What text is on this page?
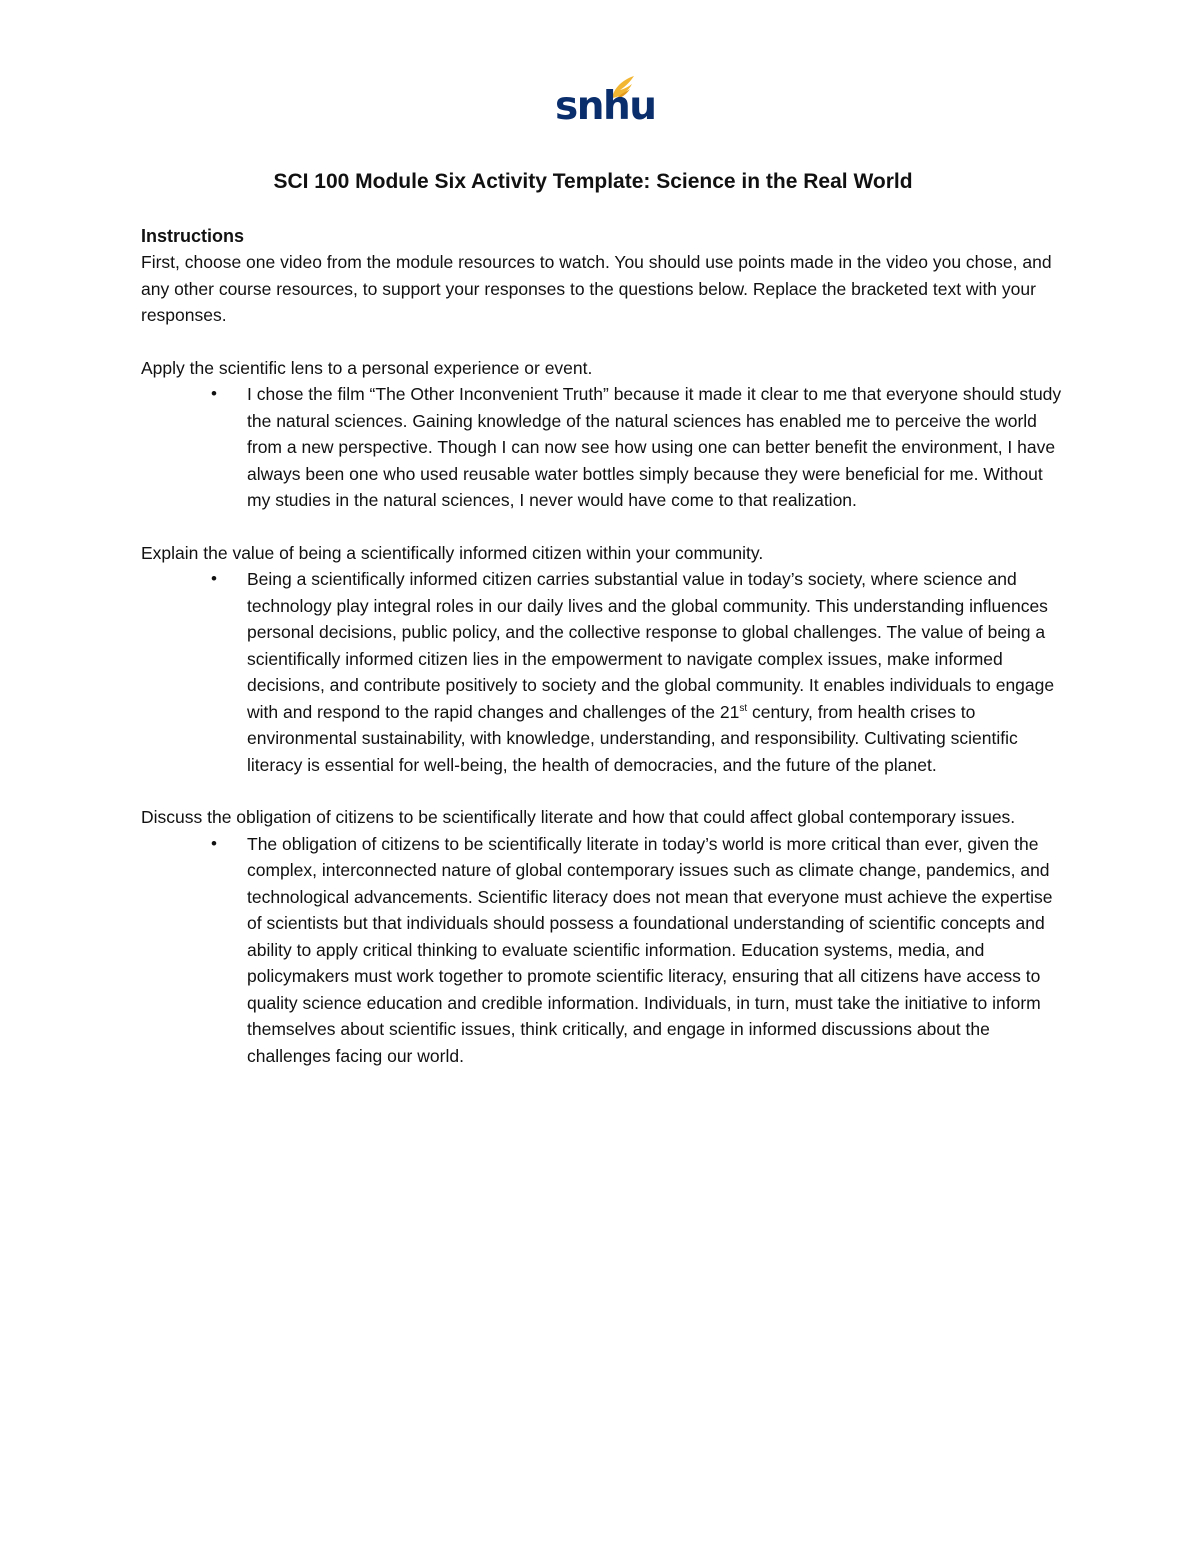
snhu
SCI 100 Module Six Activity Template: Science in the Real World
Instructions

First, choose one video from the module resources to watch. You should use points made in the video you chose, and any other course resources, to support your responses to the questions below. Replace the bracketed text with your responses.

Apply the scientific lens to a personal experience or event.

• I chose the film “The Other Inconvenient Truth” because it made it clear to me that everyone should study the natural sciences. Gaining knowledge of the natural sciences has enabled me to perceive the world from a new perspective. Though I can now see how using one can better benefit the environment, I have always been one who used reusable water bottles simply because they were beneficial for me. Without my studies in the natural sciences, I never would have come to that realization.

Explain the value of being a scientifically informed citizen within your community.

• Being a scientifically informed citizen carries substantial value in today’s society, where science and technology play integral roles in our daily lives and the global community. This understanding influences personal decisions, public policy, and the collective response to global challenges. The value of being a scientifically informed citizen lies in the empowerment to navigate complex issues, make informed decisions, and contribute positively to society and the global community. It enables individuals to engage with and respond to the rapid changes and challenges of the 21st century, from health crises to environmental sustainability, with knowledge, understanding, and responsibility. Cultivating scientific literacy is essential for well-being, the health of democracies, and the future of the planet.

Discuss the obligation of citizens to be scientifically literate and how that could affect global contemporary issues.

• The obligation of citizens to be scientifically literate in today’s world is more critical than ever, given the complex, interconnected nature of global contemporary issues such as climate change, pandemics, and technological advancements. Scientific literacy does not mean that everyone must achieve the expertise of scientists but that individuals should possess a foundational understanding of scientific concepts and ability to apply critical thinking to evaluate scientific information. Education systems, media, and policymakers must work together to promote scientific literacy, ensuring that all citizens have access to quality science education and credible information. Individuals, in turn, must take the initiative to inform themselves about scientific issues, think critically, and engage in informed discussions about the challenges facing our world.
